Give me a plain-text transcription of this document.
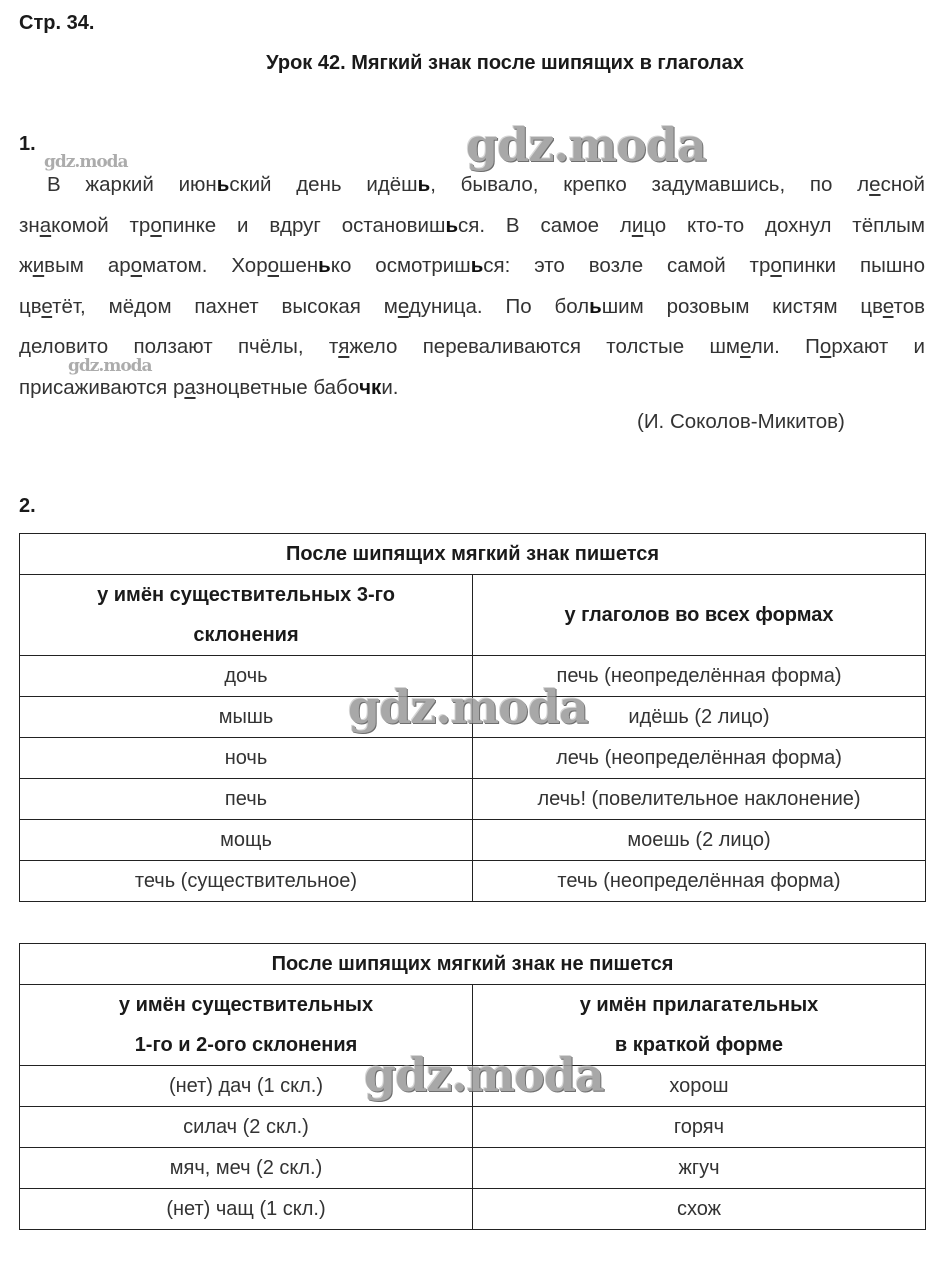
Стр. 34.
Урок 42. Мягкий знак после шипящих в глаголах
1.
В жаркий июньский день идёшь, бывало, крепко задумавшись, по лесной
знакомой тропинке и вдруг остановишься. В самое лицо кто-то дохнул тёплым
живым ароматом. Хорошенько осмотришься: это возле самой тропинки пышно
цветёт, мёдом пахнет высокая медуница. По большим розовым кистям цветов
деловито ползают пчёлы, тяжело переваливаются толстые шмели. Порхают и
присаживаются разноцветные бабочки.
(И. Соколов-Микитов)
2.
После шипящих мягкий знак пишется	
у имён существительных 3-го
склонения	у глаголов во всех формах
дочь	печь (неопределённая форма)
мышь	идёшь (2 лицо)
ночь	лечь (неопределённая форма)
печь	лечь! (повелительное наклонение)
мощь	моешь (2 лицо)
течь (существительное)	течь (неопределённая форма)
После шипящих мягкий знак не пишется	
у имён существительных
1-го и 2-ого склонения	у имён прилагательных
в краткой форме
(нет) дач (1 скл.)	хорош
силач (2 скл.)	горяч
мяч, меч (2 скл.)	жгуч
(нет) чащ (1 скл.)	схож
gdz.moda
gdz.moda
gdz.moda
gdz.moda
gdz.moda
